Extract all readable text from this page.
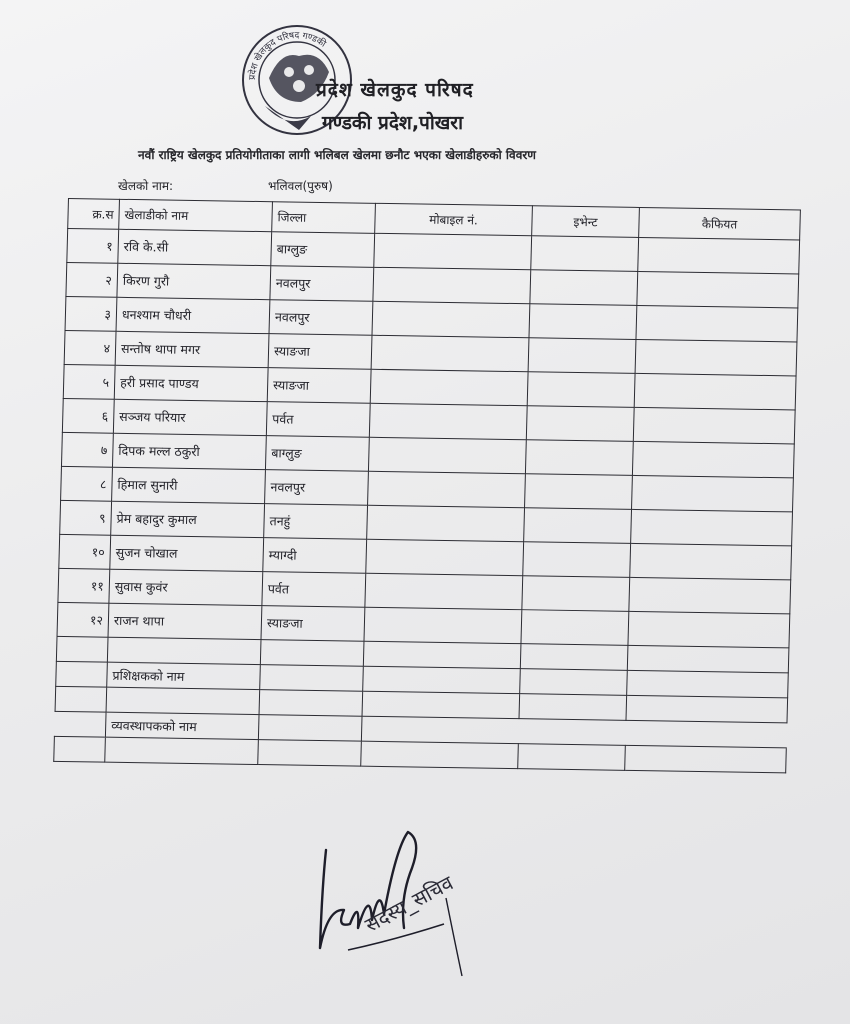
प्रदेश खेलकुद परिषद गण्डकी
प्रदेश खेलकुद परिषद
गण्डकी प्रदेश,पोखरा
नवौं राष्ट्रिय खेलकुद प्रतियोगीताका लागी भलिबल खेलमा छनौट भएका खेलाडीहरुको विवरण
खेलको नाम:	भलिवल(पुरुष)
क्र.स	खेलाडीको नाम	जिल्ला	मोबाइल नं.	इभेन्ट	कैफियत
१	रवि के.सी	बाग्लुङ			
२	किरण गुरौ	नवलपुर			
३	धनश्याम चौधरी	नवलपुर			
४	सन्तोष थापा मगर	स्याङजा			
५	हरी प्रसाद पाण्डय	स्याङजा			
६	सञ्जय परियार	पर्वत			
७	दिपक मल्ल ठकुरी	बाग्लुङ			
८	हिमाल सुनारी	नवलपुर			
९	प्रेम बहादुर कुमाल	तनहुं			
१०	सुजन चोखाल	म्याग्दी			
११	सुवास कुवंर	पर्वत			
१२	राजन थापा	स्याङजा			

	प्रशिक्षकको नाम				

	व्यवस्थापकको नाम				

सदस्य_सचिव
